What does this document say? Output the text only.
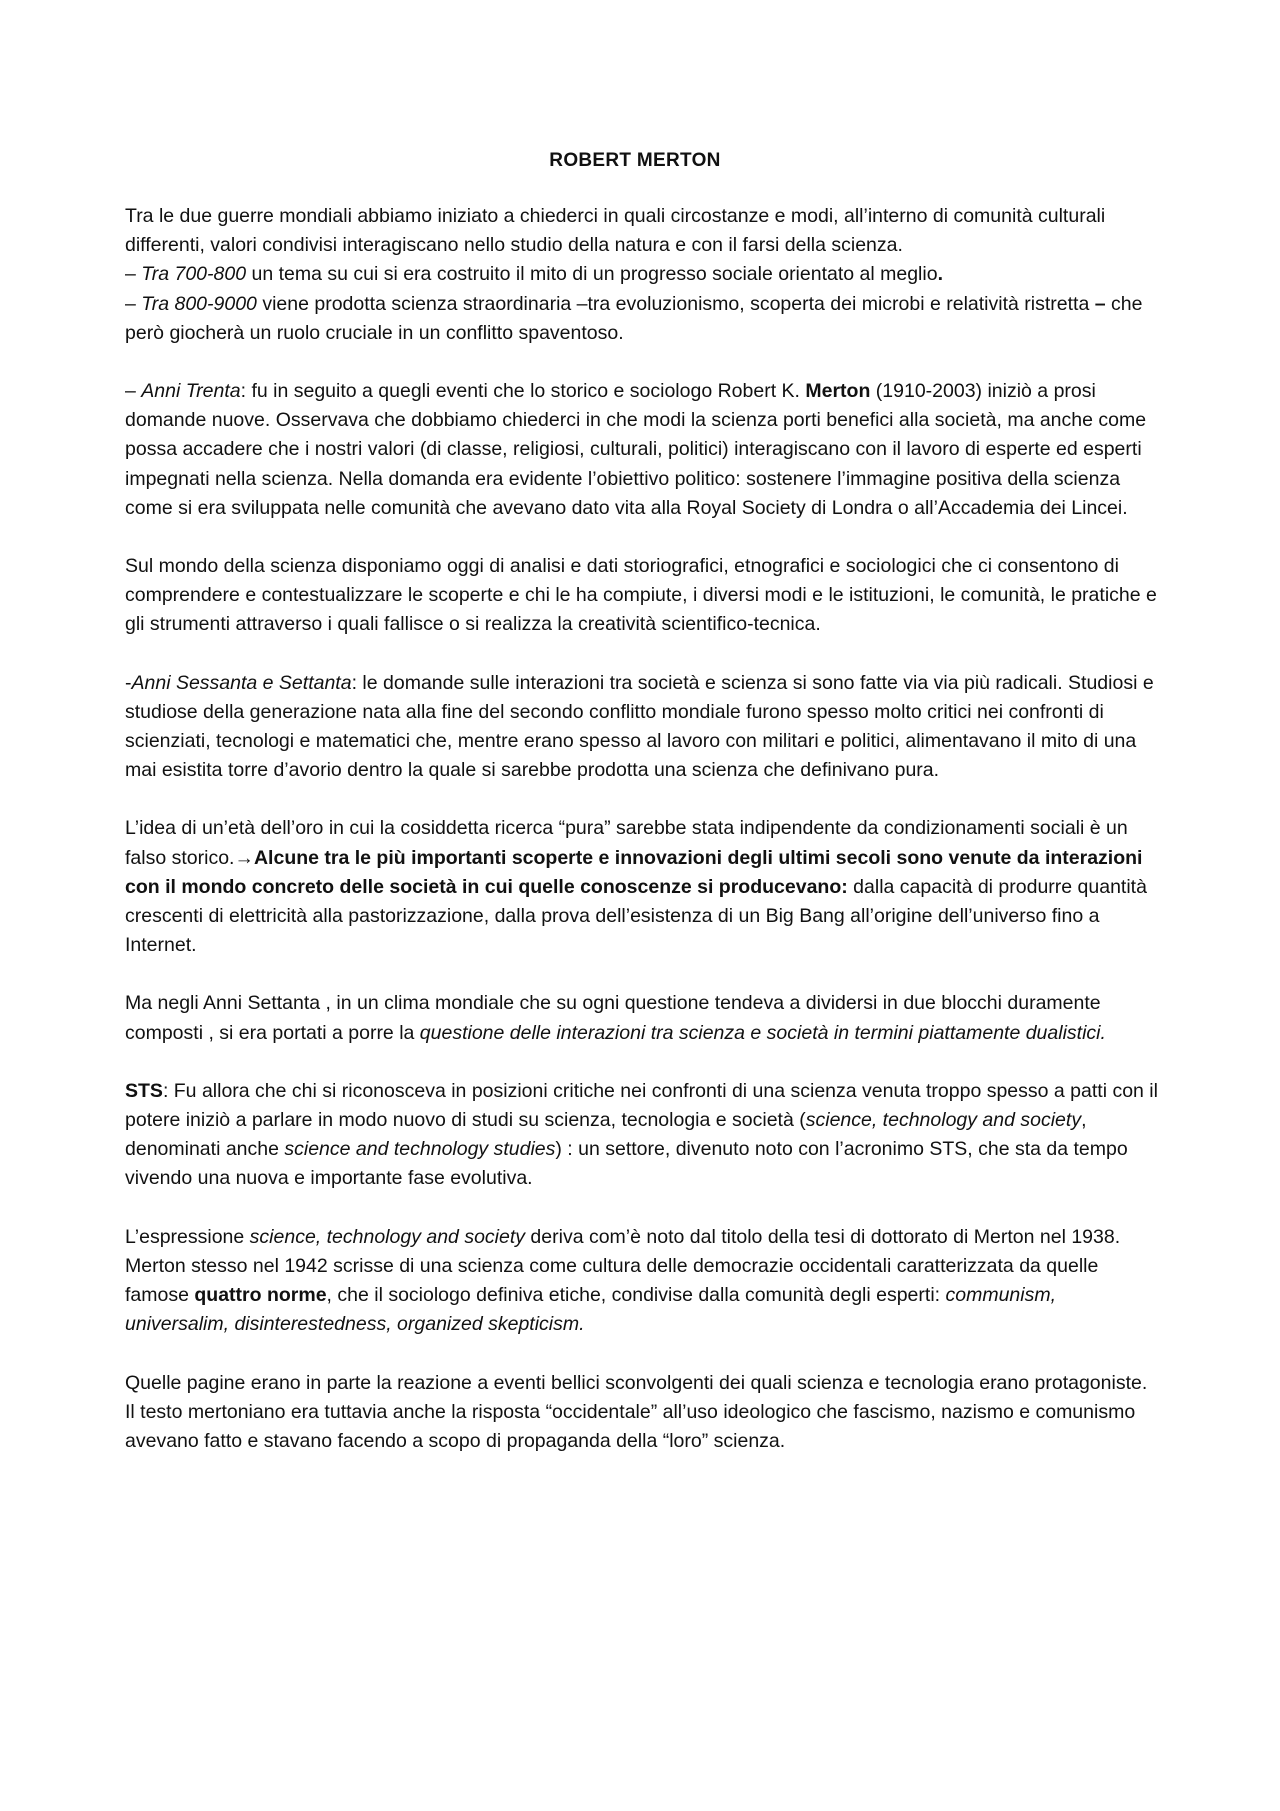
ROBERT MERTON
Tra le due guerre mondiali abbiamo iniziato a chiederci in quali circostanze e modi, all’interno di comunità culturali differenti, valori condivisi interagiscano nello studio della natura e con il farsi della scienza.
– Tra 700-800 un tema su cui si era costruito il mito di un progresso sociale orientato al meglio.
– Tra 800-9000 viene prodotta scienza straordinaria –tra evoluzionismo, scoperta dei microbi e relatività ristretta – che però giocherà un ruolo cruciale in un conflitto spaventoso.
– Anni Trenta: fu in seguito a quegli eventi che lo storico e sociologo Robert K. Merton (1910-2003) iniziò a prosi domande nuove. Osservava che dobbiamo chiederci in che modi la scienza porti benefici alla società, ma anche come possa accadere che i nostri valori (di classe, religiosi, culturali, politici) interagiscano con il lavoro di esperte ed esperti impegnati nella scienza. Nella domanda era evidente l’obiettivo politico: sostenere l’immagine positiva della scienza come si era sviluppata nelle comunità che avevano dato vita alla Royal Society di Londra o all’Accademia dei Lincei.
Sul mondo della scienza disponiamo oggi di analisi e dati storiografici, etnografici e sociologici che ci consentono di comprendere e contestualizzare le scoperte e chi le ha compiute, i diversi modi e le istituzioni, le comunità, le pratiche e gli strumenti attraverso i quali fallisce o si realizza la creatività scientifico-tecnica.
-Anni Sessanta e Settanta: le domande sulle interazioni tra società e scienza si sono fatte via via più radicali. Studiosi e studiose della generazione nata alla fine del secondo conflitto mondiale furono spesso molto critici nei confronti di scienziati, tecnologi e matematici che, mentre erano spesso al lavoro con militari e politici, alimentavano il mito di una mai esistita torre d’avorio dentro la quale si sarebbe prodotta una scienza che definivano pura.
L’idea di un’età dell’oro in cui la cosiddetta ricerca “pura” sarebbe stata indipendente da condizionamenti sociali è un falso storico.→Alcune tra le più importanti scoperte e innovazioni degli ultimi secoli sono venute da interazioni con il mondo concreto delle società in cui quelle conoscenze si producevano: dalla capacità di produrre quantità crescenti di elettricità alla pastorizzazione, dalla prova dell’esistenza di un Big Bang all’origine dell’universo fino a Internet.
Ma negli Anni Settanta , in un clima mondiale che su ogni questione tendeva a dividersi in due blocchi duramente composti , si era portati a porre la questione delle interazioni tra scienza e società in termini piattamente dualistici.
STS: Fu allora che chi si riconosceva in posizioni critiche nei confronti di una scienza venuta troppo spesso a patti con il potere iniziò a parlare in modo nuovo di studi su scienza, tecnologia e società (science, technology and society, denominati anche science and technology studies) : un settore, divenuto noto con l’acronimo STS, che sta da tempo vivendo una nuova e importante fase evolutiva.
L’espressione science, technology and society deriva com’è noto dal titolo della tesi di dottorato di Merton nel 1938. Merton stesso nel 1942 scrisse di una scienza come cultura delle democrazie occidentali caratterizzata da quelle famose quattro norme, che il sociologo definiva etiche, condivise dalla comunità degli esperti: communism, universalim, disinterestedness, organized skepticism.
Quelle pagine erano in parte la reazione a eventi bellici sconvolgenti dei quali scienza e tecnologia erano protagoniste.
Il testo mertoniano era tuttavia anche la risposta “occidentale” all’uso ideologico che fascismo, nazismo e comunismo avevano fatto e stavano facendo a scopo di propaganda della “loro” scienza.
